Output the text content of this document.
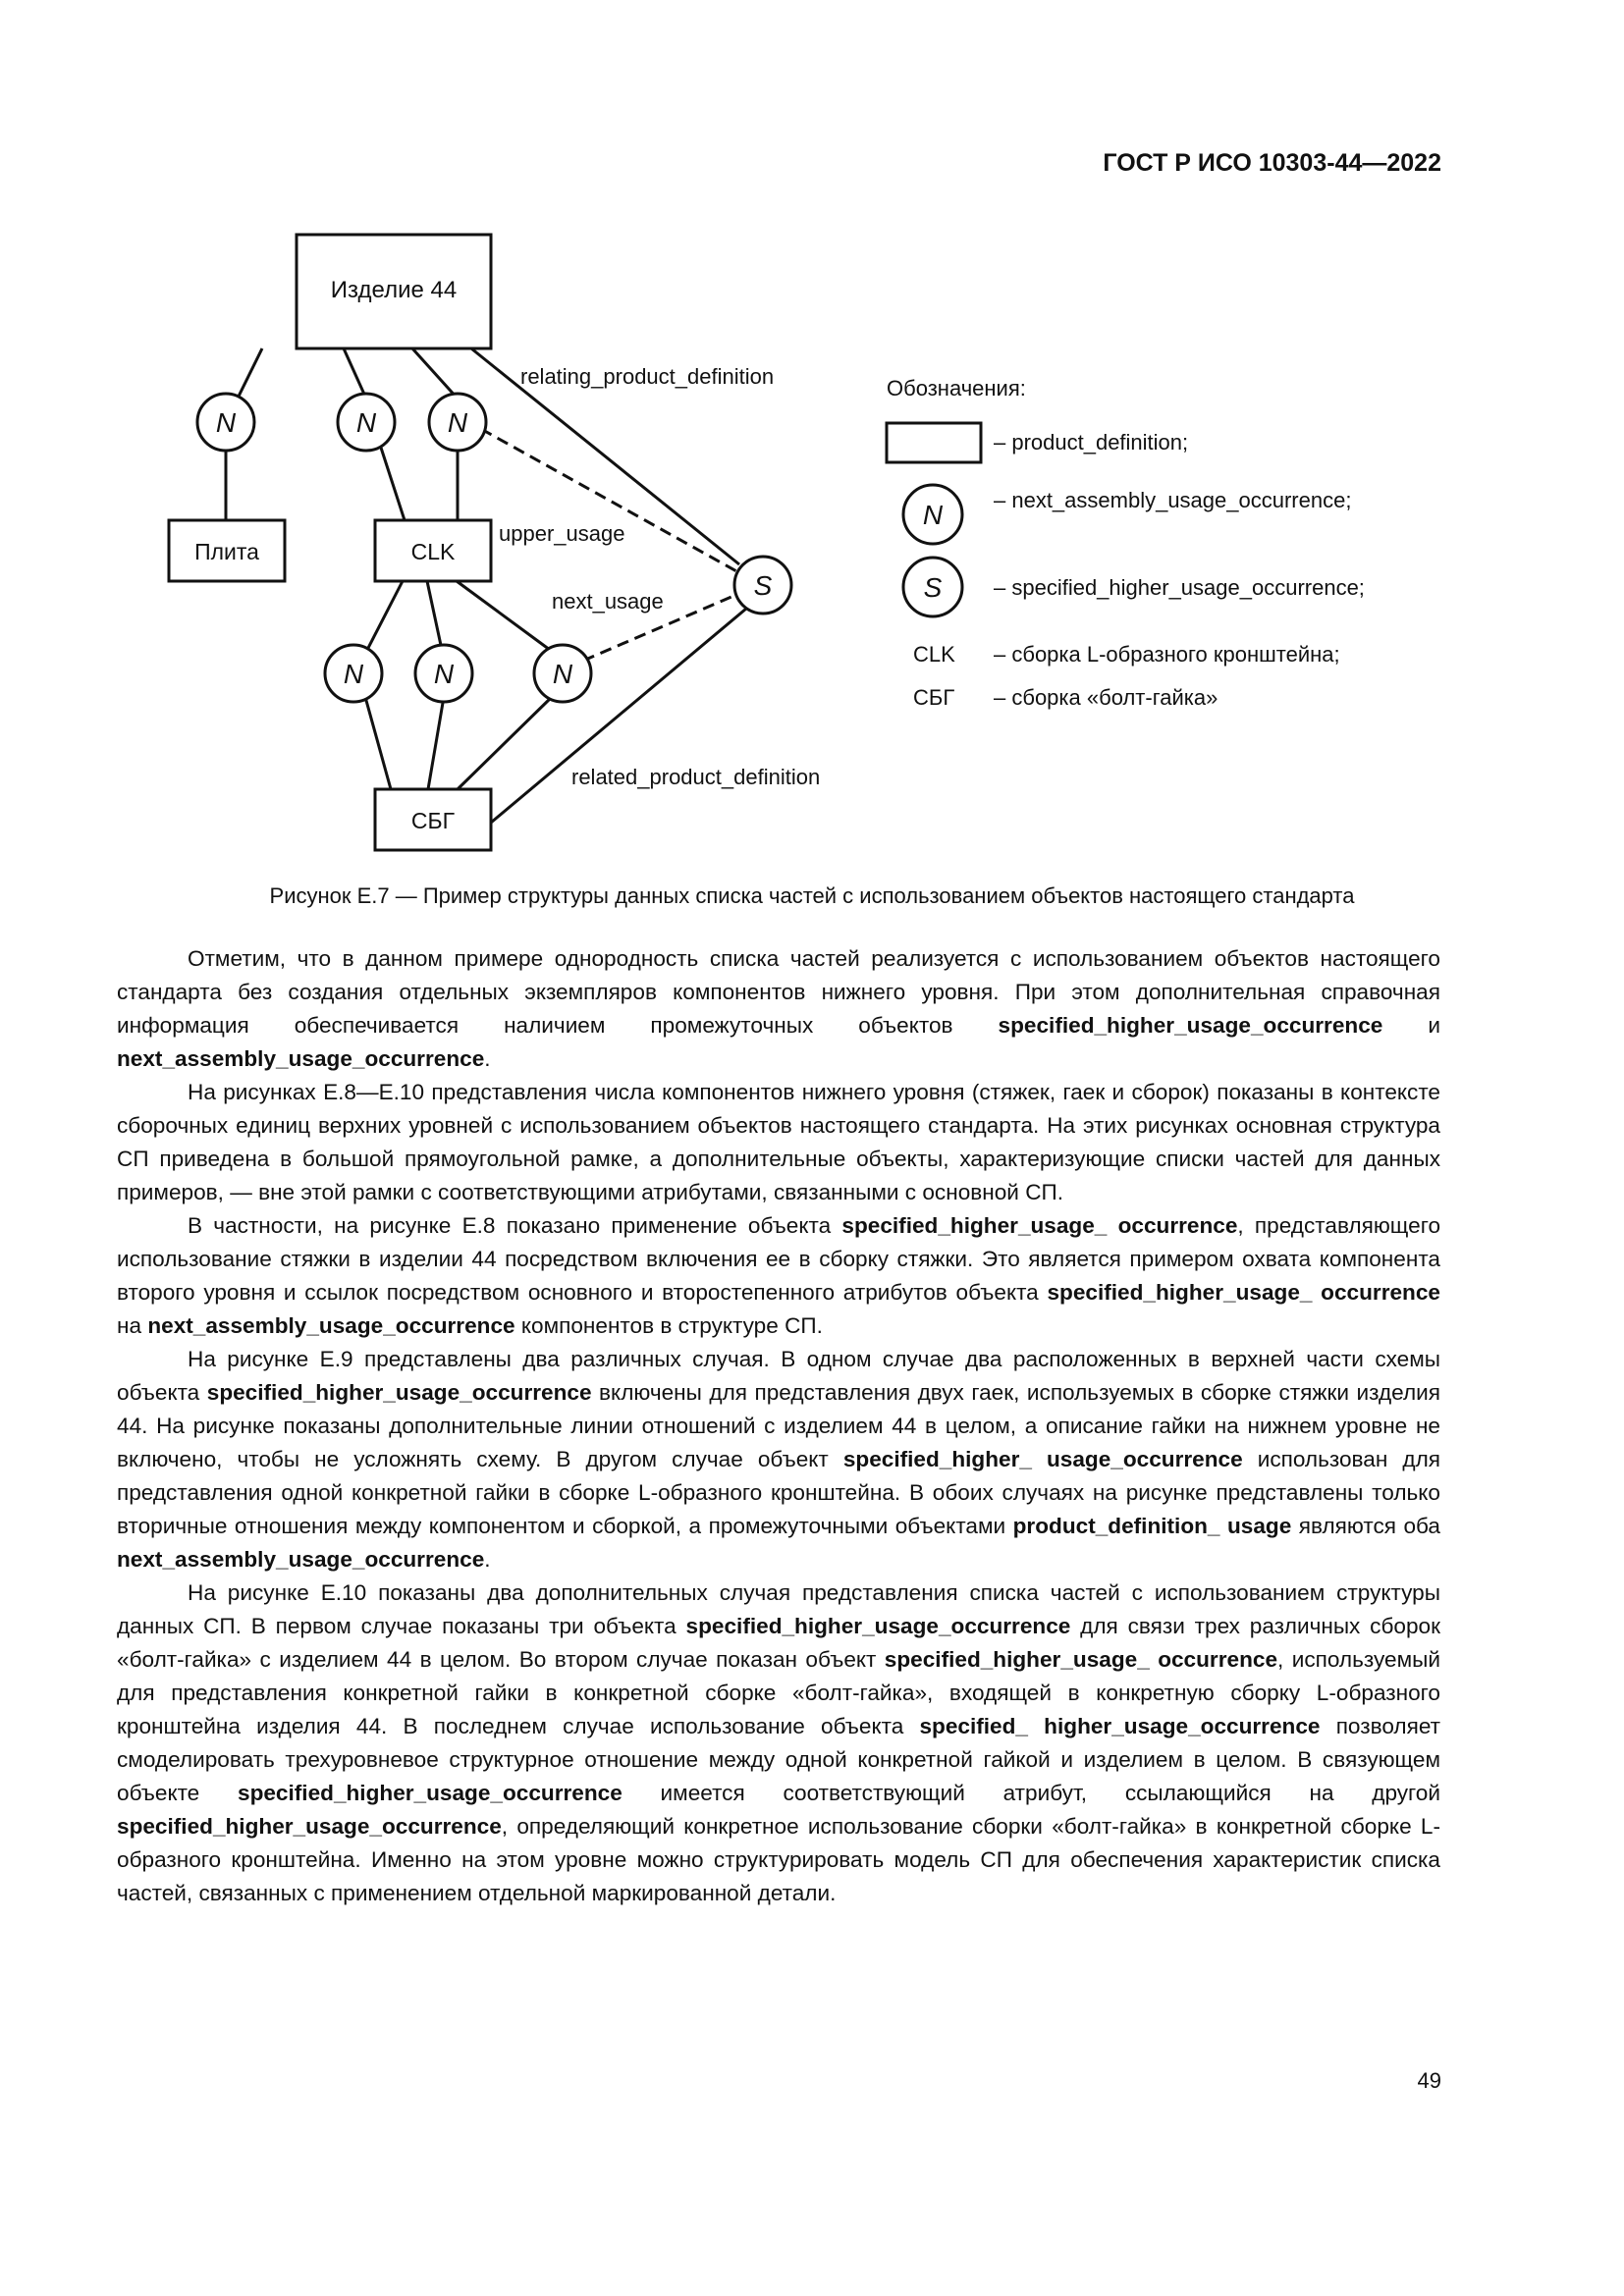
ГОСТ Р ИСО 10303-44—2022
Изделие 44
Плита	CLK
СБГ
N	N	N
N	N	N
S
N
S
relating_product_definition
upper_usage
next_usage
related_product_definition
Обозначения:
– product_definition;
– next_assembly_usage_occurrence;
– specified_higher_usage_occurrence;
CLK – сборка L-образного кронштейна;
СБГ – сборка «болт-гайка»
Рисунок E.7 — Пример структуры данных списка частей с использованием объектов настоящего стандарта

Отметим, что в данном примере однородность списка частей реализуется с использованием объектов настоящего стандарта без создания отдельных экземпляров компонентов нижнего уровня. При этом дополнительная справочная информация обеспечивается наличием промежуточных объектов specified_higher_usage_occurrence и next_assembly_usage_occurrence.

На рисунках E.8—E.10 представления числа компонентов нижнего уровня (стяжек, гаек и сборок) показаны в контексте сборочных единиц верхних уровней с использованием объектов настоящего стандарта. На этих рисунках основная структура СП приведена в большой прямоугольной рамке, а дополнительные объекты, характеризующие списки частей для данных примеров, — вне этой рамки с соответствующими атрибутами, связанными с основной СП.

В частности, на рисунке E.8 показано применение объекта specified_higher_usage_ occurrence, представляющего использование стяжки в изделии 44 посредством включения ее в сборку стяжки. Это является примером охвата компонента второго уровня и ссылок посредством основного и второстепенного атрибутов объекта specified_higher_usage_ occurrence на next_assembly_usage_occurrence компонентов в структуре СП.

На рисунке E.9 представлены два различных случая. В одном случае два расположенных в верхней части схемы объекта specified_higher_usage_occurrence включены для представления двух гаек, используемых в сборке стяжки изделия 44. На рисунке показаны дополнительные линии отношений с изделием 44 в целом, а описание гайки на нижнем уровне не включено, чтобы не усложнять схему. В другом случае объект specified_higher_ usage_occurrence использован для представления одной конкретной гайки в сборке L-образного кронштейна. В обоих случаях на рисунке представлены только вторичные отношения между компонентом и сборкой, а промежуточными объектами product_definition_ usage являются оба next_assembly_usage_occurrence.

На рисунке E.10 показаны два дополнительных случая представления списка частей с использованием структуры данных СП. В первом случае показаны три объекта specified_higher_usage_occurrence для связи трех различных сборок «болт-гайка» с изделием 44 в целом. Во втором случае показан объект specified_higher_usage_ occurrence, используемый для представления конкретной гайки в конкретной сборке «болт-гайка», входящей в конкретную сборку L-образного кронштейна изделия 44. В последнем случае использование объекта specified_ higher_usage_occurrence позволяет смоделировать трехуровневое структурное отношение между одной конкретной гайкой и изделием в целом. В связующем объекте specified_higher_usage_occurrence имеется соответствующий атрибут, ссылающийся на другой specified_higher_usage_occurrence, определяющий конкретное использование сборки «болт-гайка» в конкретной сборке L-образного кронштейна. Именно на этом уровне можно структурировать модель СП для обеспечения характеристик списка частей, связанных с применением отдельной маркированной детали.

49
